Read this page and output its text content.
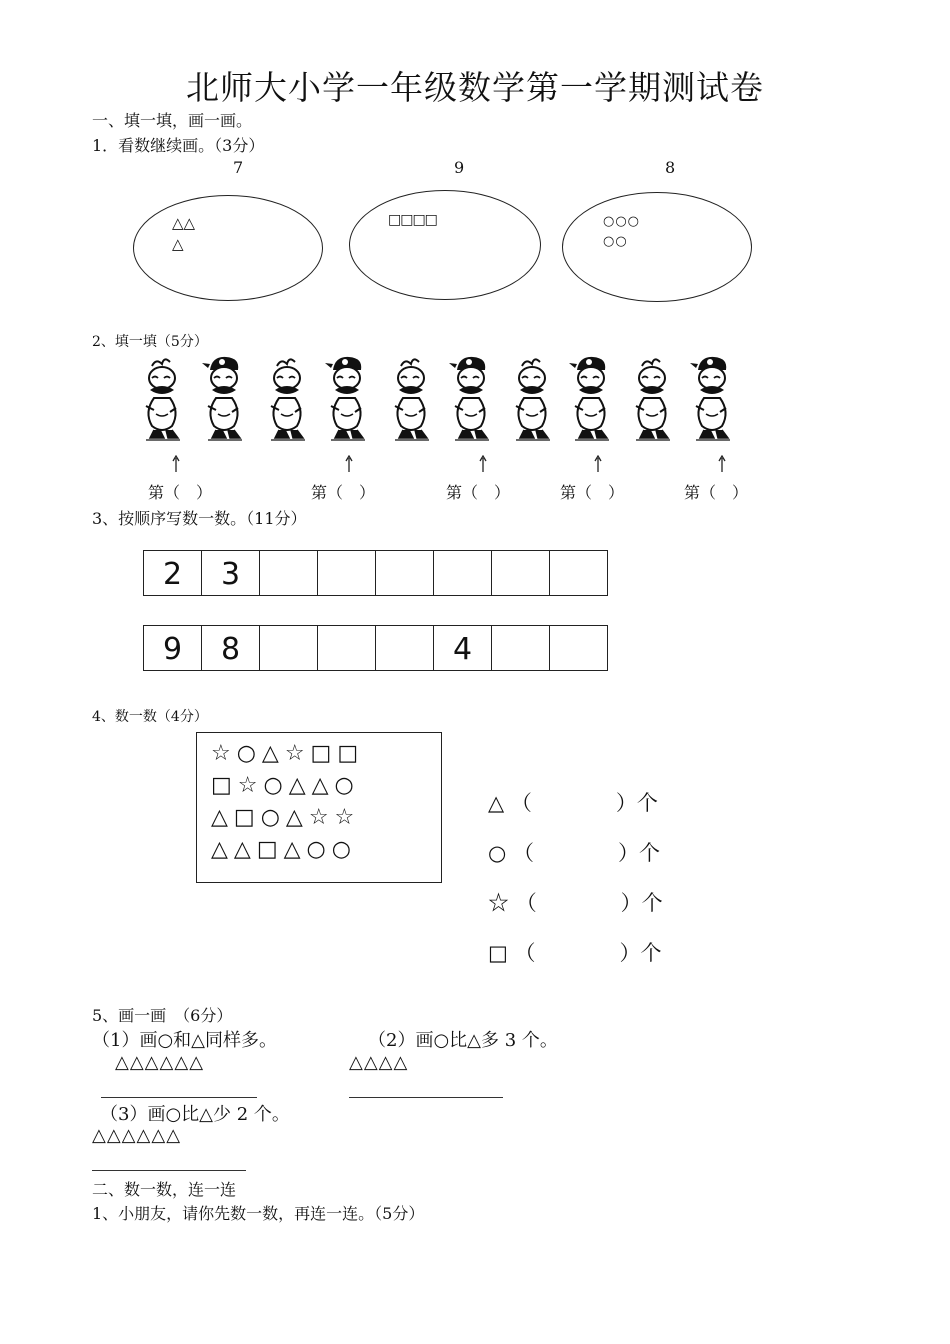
北师大小学一年级数学第一学期测试卷
一、填一填，画一画。
1．看数继续画。（3分）
7	9	8
△△
△
□□□□	○○○
○○
2、填一填（5分）
第（　）	第（　）	第（　）	第（　）	第（　）
3、按顺序写数一数。（11分）
2	3						
9	8				4		
4、数一数（4分）
☆○△☆□□
□☆○△△○
△□○△☆☆
△△□△○○
△ （　　　　）个
○ （　　　　）个
☆ （　　　　）个
□ （　　　　）个
5、画一画　（6分）
（1）画○和△同样多。	（2）画○比△多 3 个。
△△△△△△	△△△△
（3）画○比△少 2 个。
△△△△△△
二、数一数，连一连
1、小朋友，请你先数一数，再连一连。（5分）
